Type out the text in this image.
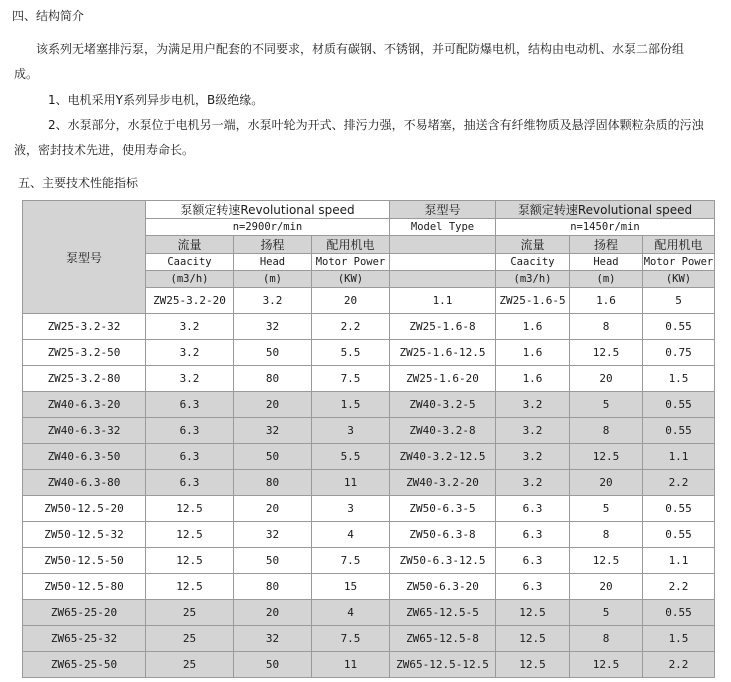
四、结构简介
该系列无堵塞排污泵，为满足用户配套的不同要求，材质有碳钢、不锈钢，并可配防爆电机，结构由电动机、水泵二部份组
成。
1、电机采用Y系列异步电机，B级绝缘。
2、水泵部分，水泵位于电机另一端，水泵叶轮为开式、排污力强，不易堵塞，抽送含有纤维物质及悬浮固体颗粒杂质的污浊
液，密封技术先进，使用寿命长。
五、主要技术性能指标
泵型号	泵额定转速Revolutional speed			泵型号	泵额定转速Revolutional speed			
	n=2900r/min			Model Type	n=1450r/min			
	流量	扬程	配用机电		流量	扬程	配用机电	
	Caacity	Head	Motor Power		Caacity	Head	Motor Power	
	(m3/h)	(m)	(KW)		(m3/h)	(m)	(KW)	
	ZW25-3.2-20	3.2	20	1.1	ZW25-1.6-5	1.6	5	
ZW25-3.2-32	3.2	32	2.2	ZW25-1.6-8	1.6	8	0.55	
ZW25-3.2-50	3.2	50	5.5	ZW25-1.6-12.5	1.6	12.5	0.75	
ZW25-3.2-80	3.2	80	7.5	ZW25-1.6-20	1.6	20	1.5	
ZW40-6.3-20	6.3	20	1.5	ZW40-3.2-5	3.2	5	0.55	
ZW40-6.3-32	6.3	32	3	ZW40-3.2-8	3.2	8	0.55	
ZW40-6.3-50	6.3	50	5.5	ZW40-3.2-12.5	3.2	12.5	1.1	
ZW40-6.3-80	6.3	80	11	ZW40-3.2-20	3.2	20	2.2	
ZW50-12.5-20	12.5	20	3	ZW50-6.3-5	6.3	5	0.55	
ZW50-12.5-32	12.5	32	4	ZW50-6.3-8	6.3	8	0.55	
ZW50-12.5-50	12.5	50	7.5	ZW50-6.3-12.5	6.3	12.5	1.1	
ZW50-12.5-80	12.5	80	15	ZW50-6.3-20	6.3	20	2.2	
ZW65-25-20	25	20	4	ZW65-12.5-5	12.5	5	0.55	
ZW65-25-32	25	32	7.5	ZW65-12.5-8	12.5	8	1.5	
ZW65-25-50	25	50	11	ZW65-12.5-12.5	12.5	12.5	2.2	
